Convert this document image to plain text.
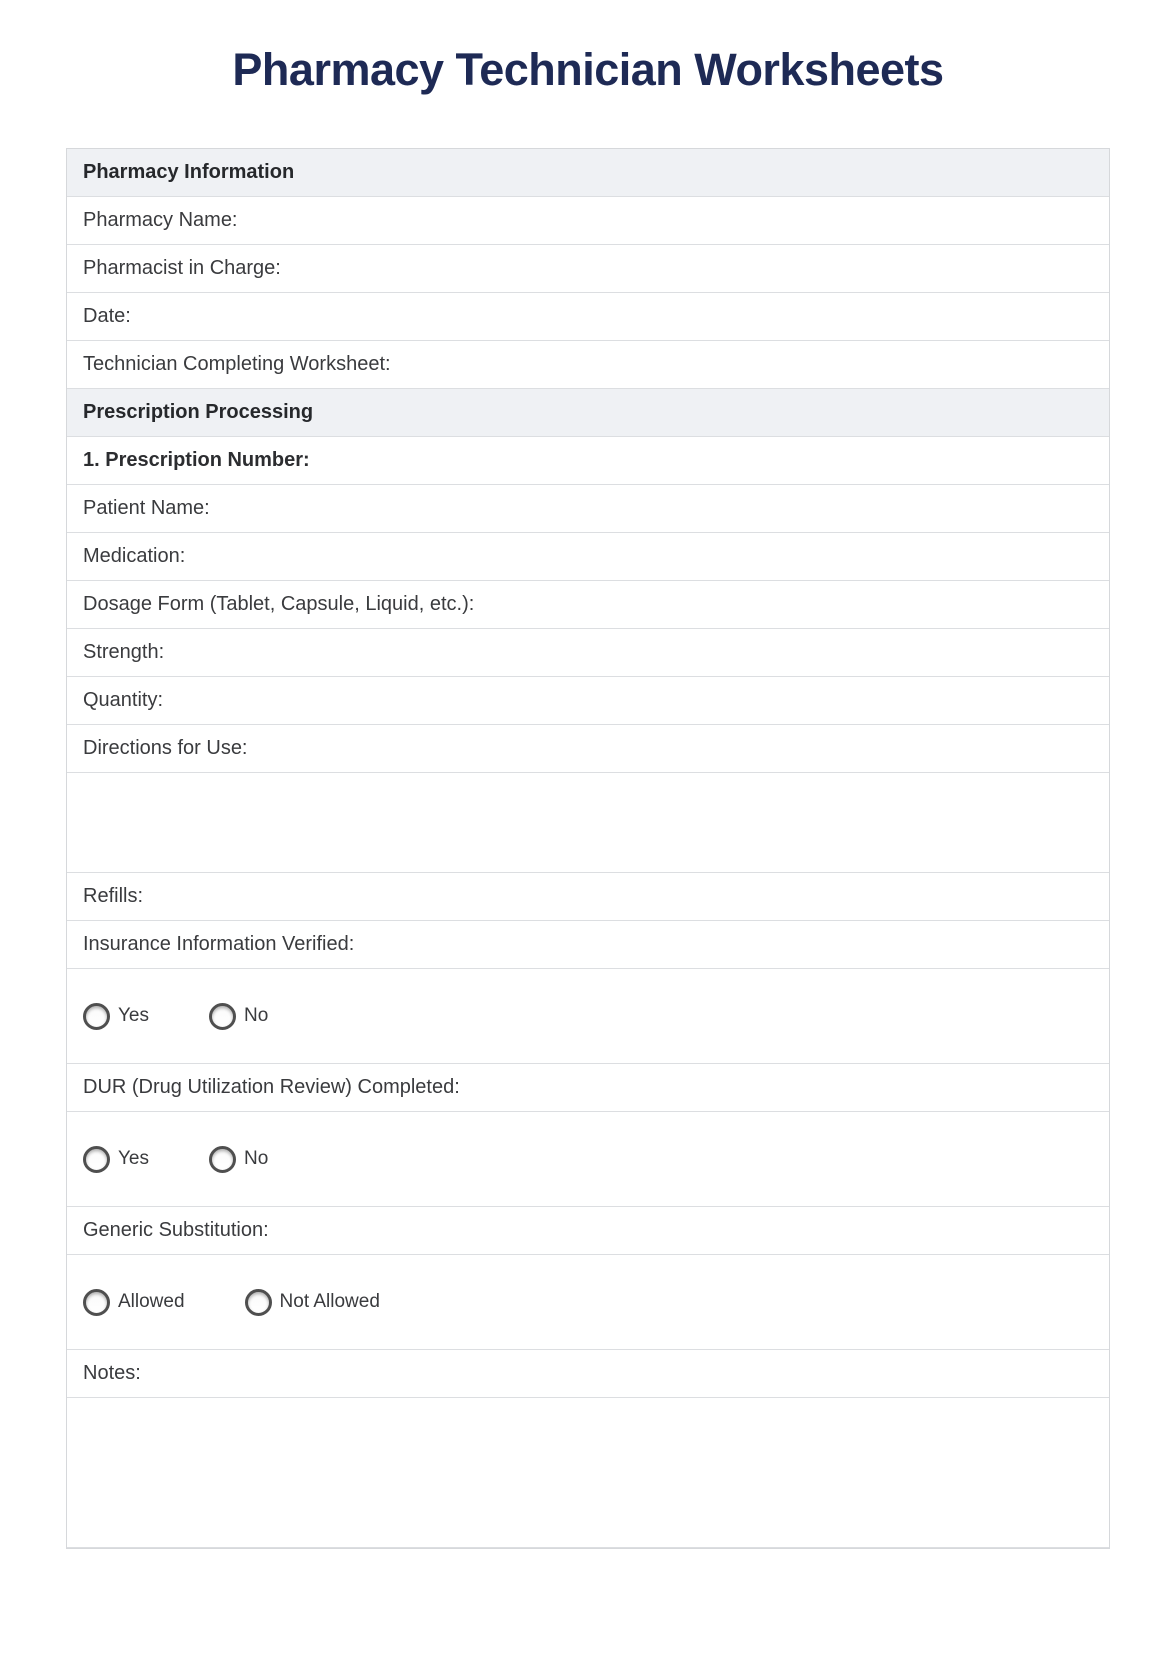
Pharmacy Technician Worksheets
Pharmacy Information
Pharmacy Name:
Pharmacist in Charge:
Date:
Technician Completing Worksheet:
Prescription Processing
1. Prescription Number:
Patient Name:
Medication:
Dosage Form (Tablet, Capsule, Liquid, etc.):
Strength:
Quantity:
Directions for Use:
Refills:
Insurance Information Verified:
Yes	No
DUR (Drug Utilization Review) Completed:
Yes	No
Generic Substitution:
Allowed	Not Allowed
Notes:
